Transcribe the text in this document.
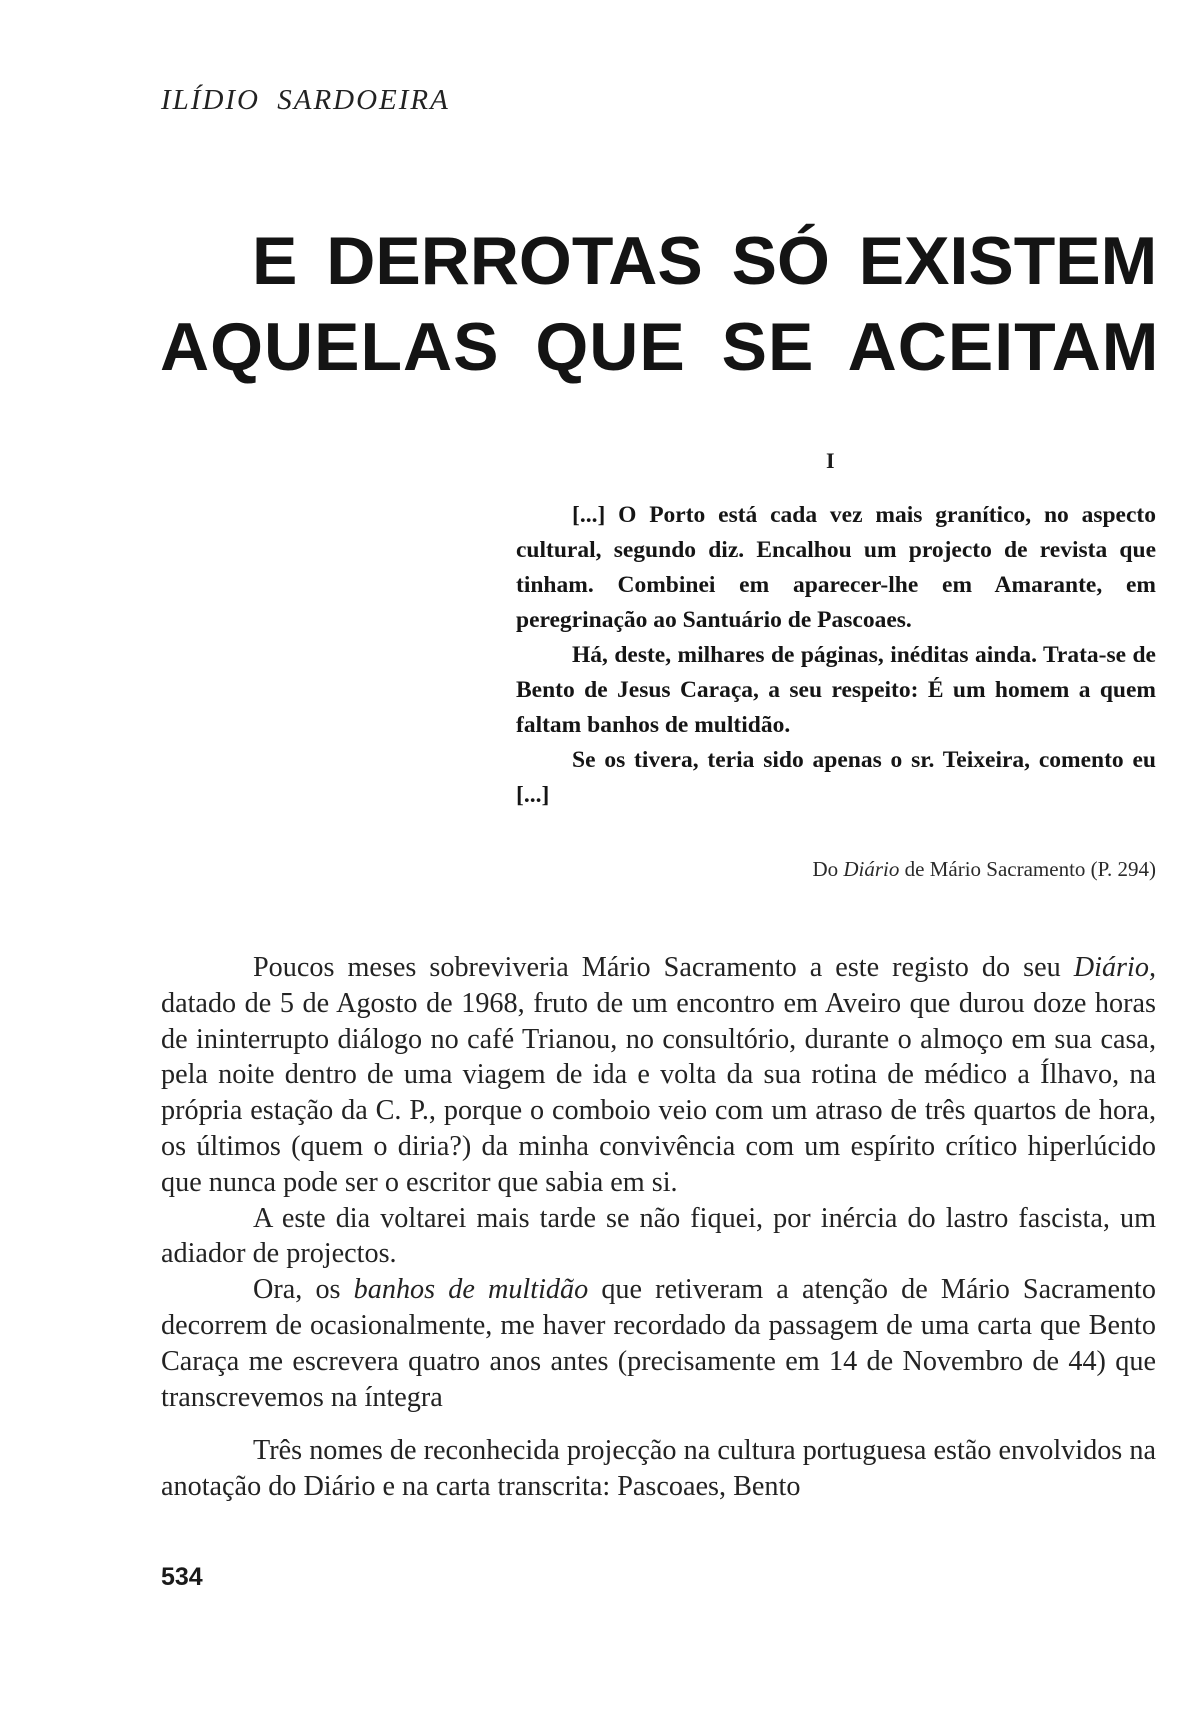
ILÍDIO SARDOEIRA
E DERROTAS SÓ EXISTEM
AQUELAS QUE SE ACEITAM
I

[...] O Porto está cada vez mais granítico, no aspecto cultural, segundo diz. Encalhou um projecto de revista que tinham. Combinei em aparecer-lhe em Amarante, em peregrinação ao Santuário de Pascoaes.

Há, deste, milhares de páginas, inéditas ainda. Trata-se de Bento de Jesus Caraça, a seu respeito: É um homem a quem faltam banhos de multidão.

Se os tivera, teria sido apenas o sr. Teixeira, comento eu [...]

Do Diário de Mário Sacramento (P. 294)

Poucos meses sobreviveria Mário Sacramento a este registo do seu Diário, datado de 5 de Agosto de 1968, fruto de um encontro em Aveiro que durou doze horas de ininterrupto diálogo no café Trianou, no consultório, durante o almoço em sua casa, pela noite dentro de uma viagem de ida e volta da sua rotina de médico a Ílhavo, na própria estação da C. P., porque o comboio veio com um atraso de três quartos de hora, os últimos (quem o diria?) da minha convivência com um espírito crítico hiperlúcido que nunca pode ser o escritor que sabia em si.

A este dia voltarei mais tarde se não fiquei, por inércia do lastro fascista, um adiador de projectos.

Ora, os banhos de multidão que retiveram a atenção de Mário Sacramento decorrem de ocasionalmente, me haver recordado da passagem de uma carta que Bento Caraça me escrevera quatro anos antes (precisamente em 14 de Novembro de 44) que transcrevemos na íntegra

Três nomes de reconhecida projecção na cultura portuguesa estão envolvidos na anotação do Diário e na carta transcrita: Pascoaes, Bento

534
